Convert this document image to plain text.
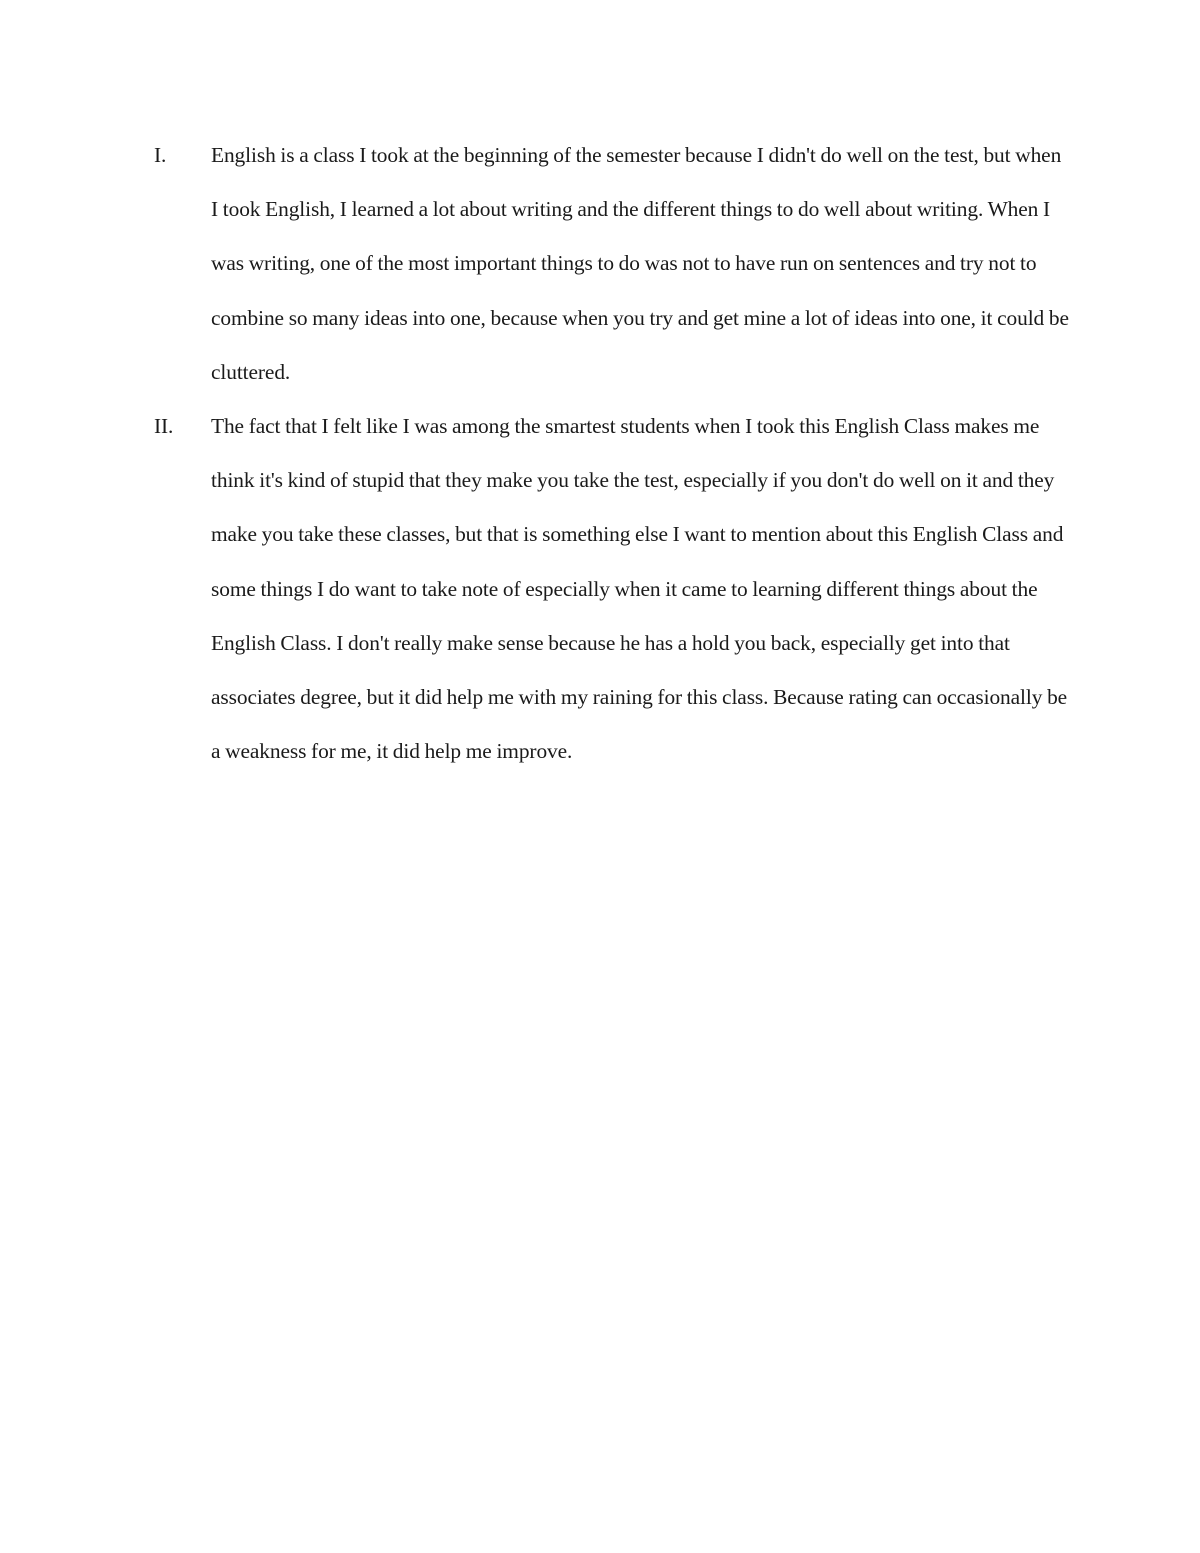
I.	English is a class I took at the beginning of the semester because I didn't do well on the test, but when I took English, I learned a lot about writing and the different things to do well about writing. When I was writing, one of the most important things to do was not to have run on sentences and try not to combine so many ideas into one, because when you try and get mine a lot of ideas into one, it could be cluttered.
II.	The fact that I felt like I was among the smartest students when I took this English Class makes me think it's kind of stupid that they make you take the test, especially if you don't do well on it and they make you take these classes, but that is something else I want to mention about this English Class and some things I do want to take note of especially when it came to learning different things about the English Class. I don't really make sense because he has a hold you back, especially get into that associates degree, but it did help me with my raining for this class. Because rating can occasionally be a weakness for me, it did help me improve.
